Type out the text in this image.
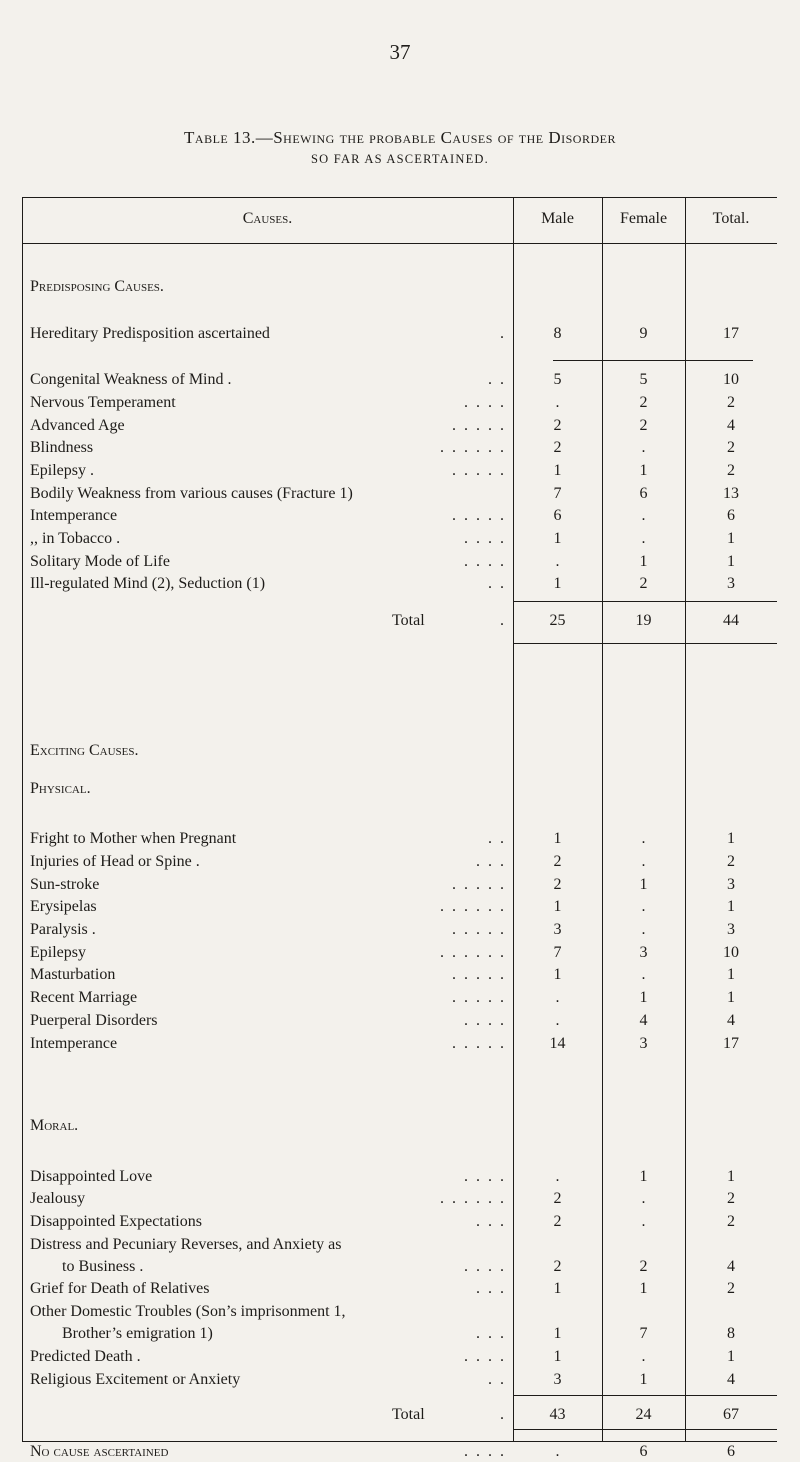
37
Table 13.—Shewing the probable Causes of the Disorder
SO FAR AS ASCERTAINED.
Causes.	Male	Female	Total.
Predisposing Causes.
Exciting Causes.
Physical.
Moral.
Hereditary Predisposition ascertained	.	8	9	17
Congenital Weakness of Mind .	. .	5	5	10
Nervous Temperament	. . . .	.	2	2
Advanced Age	. . . . .	2	2	4
Blindness	. . . . . .	2	.	2
Epilepsy .	. . . . .	1	1	2
Bodily Weakness from various causes (Fracture 1)	7	6	13
Intemperance	. . . . .	6	.	6
,, in Tobacco .	. . . .	1	.	1
Solitary Mode of Life	. . . .	.	1	1
Ill-regulated Mind (2), Seduction (1)	. .	1	2	3
Total	.	25	19	44
Fright to Mother when Pregnant	. .	1	.	1
Injuries of Head or Spine .	. . .	2	.	2
Sun-stroke	. . . . .	2	1	3
Erysipelas	. . . . . .	1	.	1
Paralysis .	. . . . .	3	.	3
Epilepsy	. . . . . .	7	3	10
Masturbation	. . . . .	1	.	1
Recent Marriage	. . . . .	.	1	1
Puerperal Disorders	. . . .	.	4	4
Intemperance	. . . . .	14	3	17
Disappointed Love	. . . .	.	1	1
Jealousy	. . . . . .	2	.	2
Disappointed Expectations	. . .	2	.	2
Distress and Pecuniary Reverses, and Anxiety as
to Business .	. . . .	2	2	4
Grief for Death of Relatives	. . .	1	1	2
Other Domestic Troubles (Son’s imprisonment 1,
Brother’s emigration 1)	. . .	1	7	8
Predicted Death .	. . . .	1	.	1
Religious Excitement or Anxiety	. .	3	1	4
Total	.	43	24	67
No cause ascertained	. . . .	.	6	6
